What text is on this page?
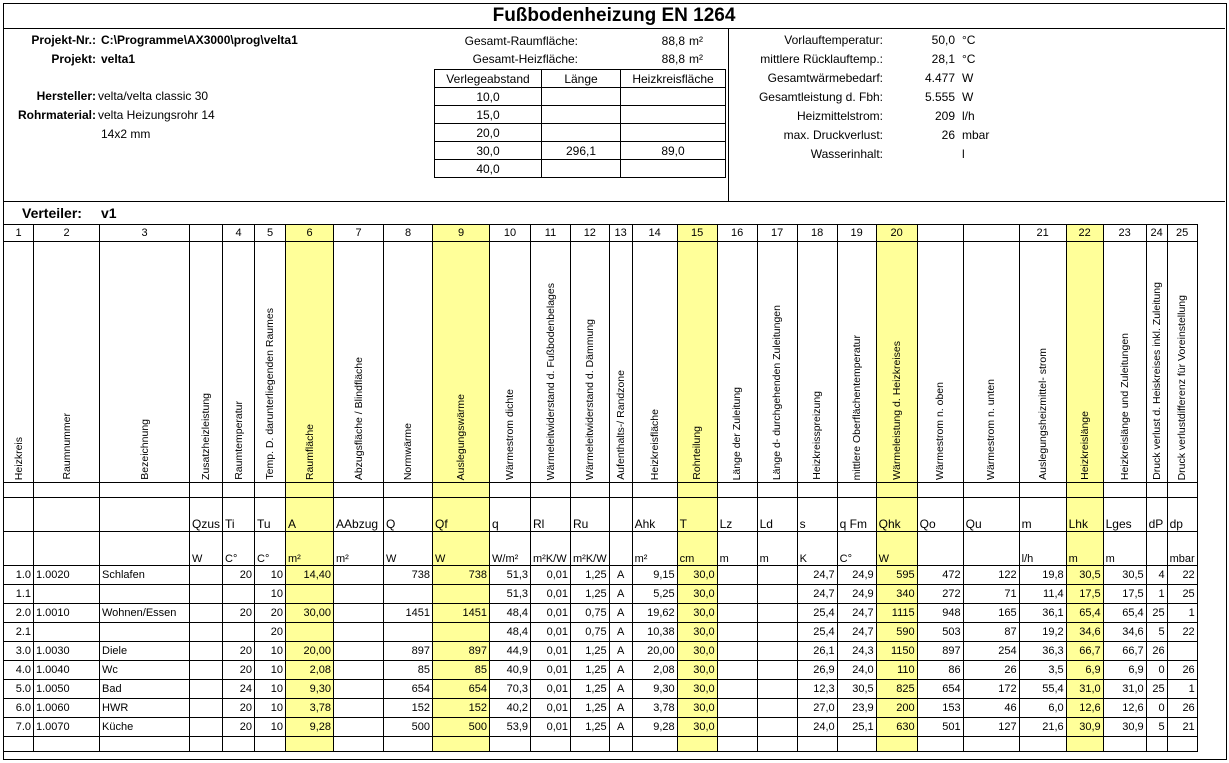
Fußbodenheizung EN 1264
Projekt-Nr.: C:\Programme\AX3000\prog\velta1
Projekt: velta1
Hersteller: velta/velta classic 30
Rohrmaterial: velta Heizungsrohr 14
14x2 mm
Gesamt-Raumfläche:	88,8 m²
Gesamt-Heizfläche:	88,8 m²
Verlegeabstand	Länge	Heizkreisfläche
10,0		
15,0		
20,0		
30,0	296,1	89,0
40,0		
Vorlauftemperatur:	50,0 °C
mittlere Rücklauftemp.:	28,1 °C
Gesamtwärmebedarf:	4.477 W
Gesamtleistung d. Fbh:	5.555 W
Heizmittelstrom:	209 l/h
max. Druckverlust:	26 mbar
Wasserinhalt:	l
Verteiler: v1
1	2	3		4	5	6	7	8	9	10	11	12	13	14	15	16	17	18	19	20			21	22	23	24	25

Heizkreis	Raumnummer	Bezeichnung	Zusatzheizleistung	Raumtemperatur	Temp. D. darunterliegenden Raumes	Raumfläche	Abzugsfläche / Blindfläche	Normwärme	Auslegungswärme	Wärmestrom dichte	Wärmeleitwiderstand d. Fußbodenbelages	Wärmeleitwiderstand d. Dämmung	Aufenthalts-/ Randzone	Heizkreisfläche	Rohrteilung	Länge der Zuleitung	Länge d- durchgehenden Zuleitungen	Heizkreisspreizung	mittlere Oberflächentemperatur	Wärmeleistung d. Heizkreises	Wärmestrom n. oben	Wärmestrom n. unten	Auslegungsheizmittel- strom	Heizkreislänge	Heizkreislänge und Zuleitungen	Druck verlust d. Heiskreises inkl. Zuleitung	Druck verlustdifferenz für Voreinstellung

			Qzus	Ti	Tu	A	AAbzug	Q	Qf	q	Rl	Ru		Ahk	T	Lz	Ld	s	q Fm	Qhk	Qo	Qu	m	Lhk	Lges	dP	dp
			W	C°	C°	m²	m²	W	W	W/m²	m²K/W	m²K/W		m²	cm	m	m	K	C°	W			l/h	m	m		mbar
1.0	1.0020	Schlafen		20	10	14,40		738	738	51,3	0,01	1,25	A	9,15	30,0			24,7	24,9	595	472	122	19,8	30,5	30,5	4	22
1.1					10					51,3	0,01	1,25	A	5,25	30,0			24,7	24,9	340	272	71	11,4	17,5	17,5	1	25
2.0	1.0010	Wohnen/Essen		20	20	30,00		1451	1451	48,4	0,01	0,75	A	19,62	30,0			25,4	24,7	1115	948	165	36,1	65,4	65,4	25	1
2.1					20					48,4	0,01	0,75	A	10,38	30,0			25,4	24,7	590	503	87	19,2	34,6	34,6	5	22
3.0	1.0030	Diele		20	10	20,00		897	897	44,9	0,01	1,25	A	20,00	30,0			26,1	24,3	1150	897	254	36,3	66,7	66,7	26	
4.0	1.0040	Wc		20	10	2,08		85	85	40,9	0,01	1,25	A	2,08	30,0			26,9	24,0	110	86	26	3,5	6,9	6,9	0	26
5.0	1.0050	Bad		24	10	9,30		654	654	70,3	0,01	1,25	A	9,30	30,0			12,3	30,5	825	654	172	55,4	31,0	31,0	25	1
6.0	1.0060	HWR		20	10	3,78		152	152	40,2	0,01	1,25	A	3,78	30,0			27,0	23,9	200	153	46	6,0	12,6	12,6	0	26
7.0	1.0070	Küche		20	10	9,28		500	500	53,9	0,01	1,25	A	9,28	30,0			24,0	25,1	630	501	127	21,6	30,9	30,9	5	21
